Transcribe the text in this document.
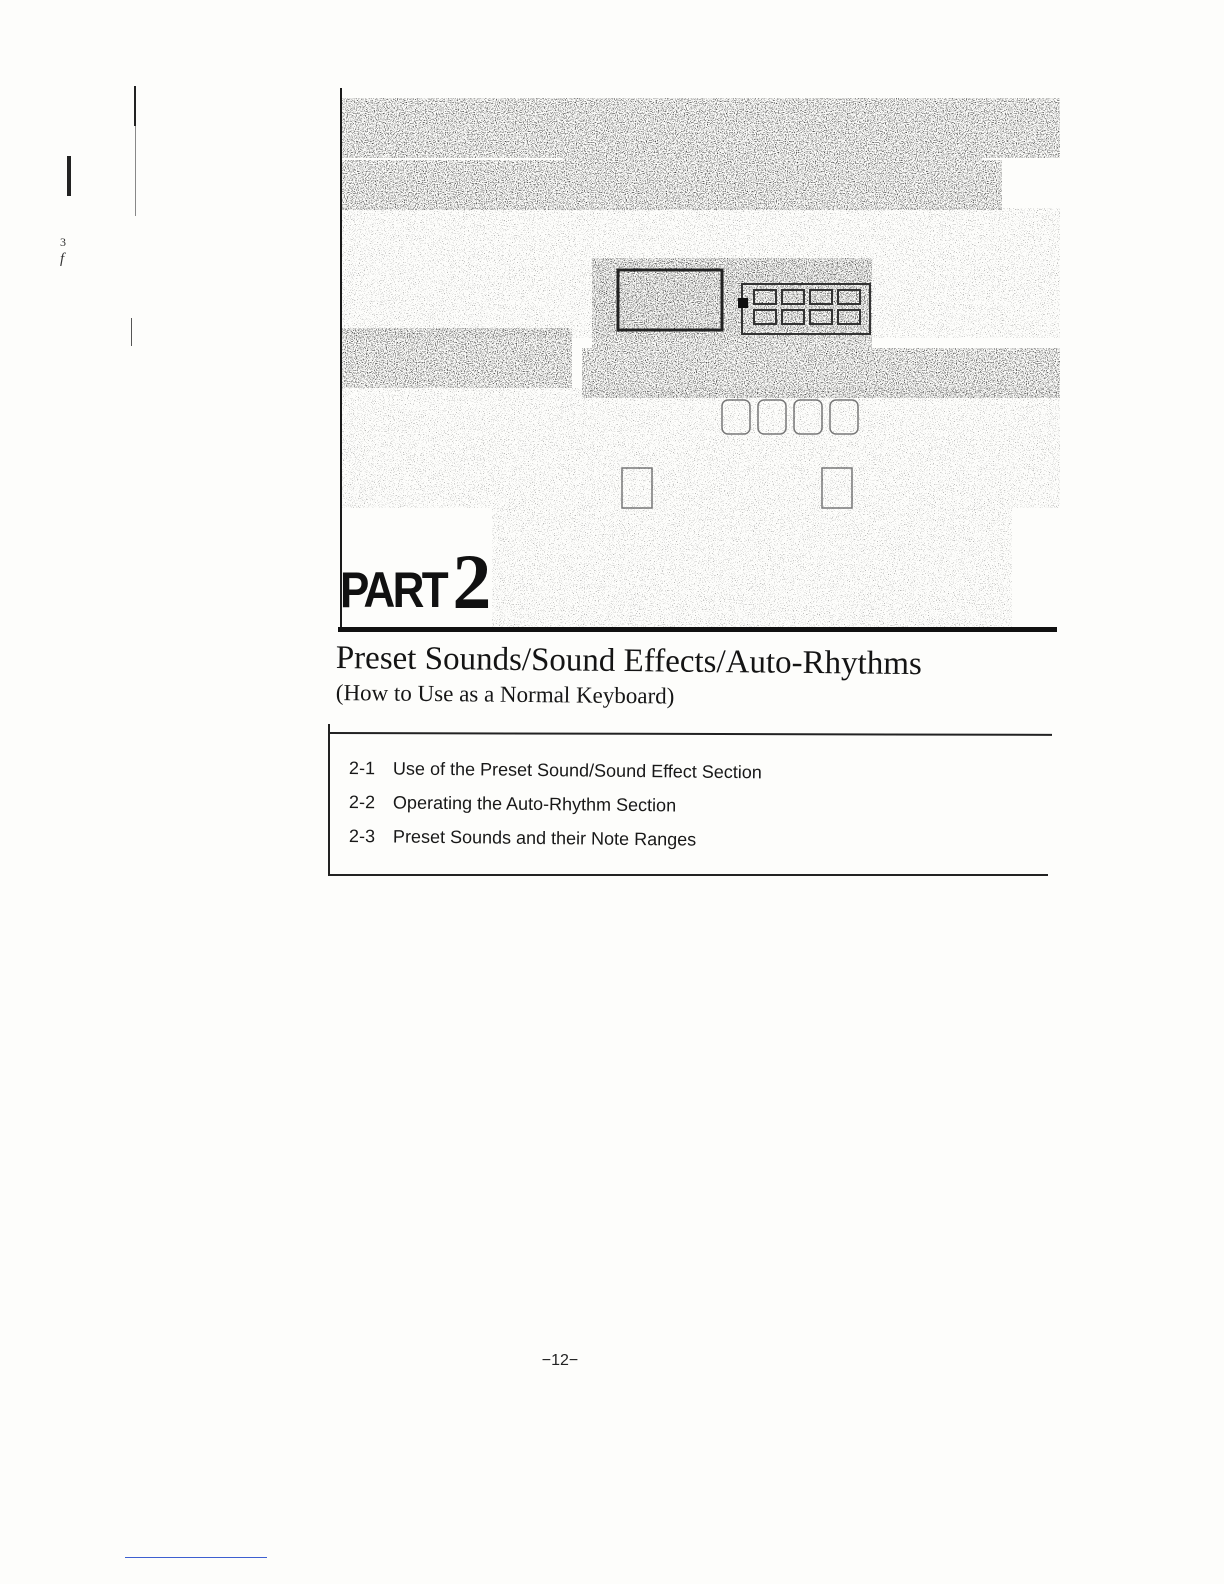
3
f
PART 2
Preset Sounds/Sound Effects/Auto-Rhythms
(How to Use as a Normal Keyboard)
2-1 Use of the Preset Sound/Sound Effect Section
2-2 Operating the Auto-Rhythm Section
2-3 Preset Sounds and their Note Ranges
−12−
